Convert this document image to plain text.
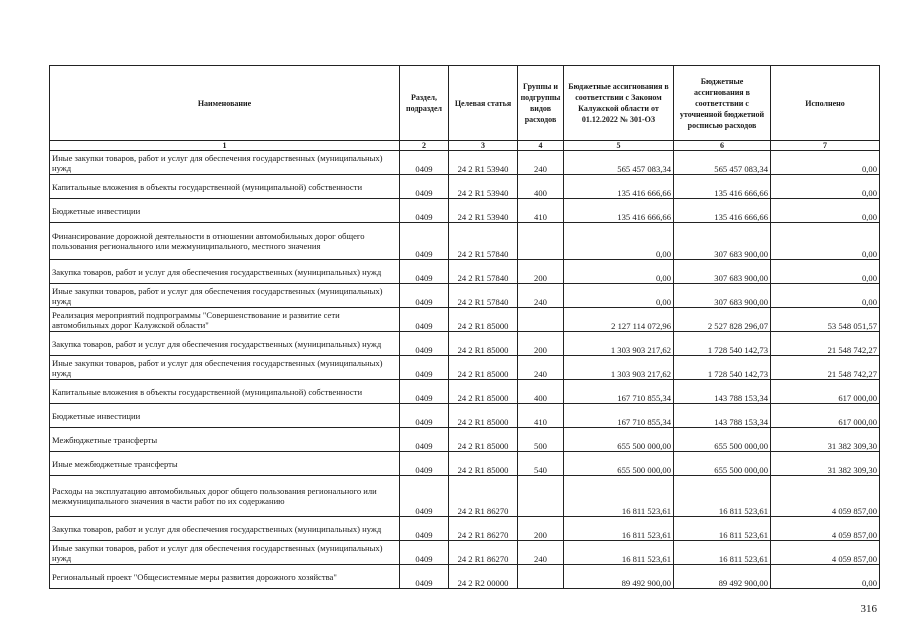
Наименование	Раздел, подраздел	Целевая статья	Группы и подгруппы видов расходов	Бюджетные ассигнования в соответствии с Законом Калужской области от 01.12.2022 № 301-ОЗ	Бюджетные ассигнования в соответствии с уточненной бюджетной росписью расходов	Исполнено
1	2	3	4	5	6	7
Иные закупки товаров, работ и услуг для обеспечения государственных (муниципальных) нужд	0409	24 2 R1 53940	240	565 457 083,34	565 457 083,34	0,00
Капитальные вложения в объекты государственной (муниципальной) собственности	0409	24 2 R1 53940	400	135 416 666,66	135 416 666,66	0,00
Бюджетные инвестиции	0409	24 2 R1 53940	410	135 416 666,66	135 416 666,66	0,00
Финансирование дорожной деятельности в отношении автомобильных дорог общего пользования регионального или межмуниципального, местного значения	0409	24 2 R1 57840		0,00	307 683 900,00	0,00
Закупка товаров, работ и услуг для обеспечения государственных (муниципальных) нужд	0409	24 2 R1 57840	200	0,00	307 683 900,00	0,00
Иные закупки товаров, работ и услуг для обеспечения государственных (муниципальных) нужд	0409	24 2 R1 57840	240	0,00	307 683 900,00	0,00
Реализация мероприятий подпрограммы "Совершенствование и развитие сети автомобильных дорог Калужской области"	0409	24 2 R1 85000		2 127 114 072,96	2 527 828 296,07	53 548 051,57
Закупка товаров, работ и услуг для обеспечения государственных (муниципальных) нужд	0409	24 2 R1 85000	200	1 303 903 217,62	1 728 540 142,73	21 548 742,27
Иные закупки товаров, работ и услуг для обеспечения государственных (муниципальных) нужд	0409	24 2 R1 85000	240	1 303 903 217,62	1 728 540 142,73	21 548 742,27
Капитальные вложения в объекты государственной (муниципальной) собственности	0409	24 2 R1 85000	400	167 710 855,34	143 788 153,34	617 000,00
Бюджетные инвестиции	0409	24 2 R1 85000	410	167 710 855,34	143 788 153,34	617 000,00
Межбюджетные трансферты	0409	24 2 R1 85000	500	655 500 000,00	655 500 000,00	31 382 309,30
Иные межбюджетные трансферты	0409	24 2 R1 85000	540	655 500 000,00	655 500 000,00	31 382 309,30
Расходы на эксплуатацию автомобильных дорог общего пользования регионального или межмуниципального значения в части работ по их содержанию	0409	24 2 R1 86270		16 811 523,61	16 811 523,61	4 059 857,00
Закупка товаров, работ и услуг для обеспечения государственных (муниципальных) нужд	0409	24 2 R1 86270	200	16 811 523,61	16 811 523,61	4 059 857,00
Иные закупки товаров, работ и услуг для обеспечения государственных (муниципальных) нужд	0409	24 2 R1 86270	240	16 811 523,61	16 811 523,61	4 059 857,00
Региональный проект "Общесистемные меры развития дорожного хозяйства"	0409	24 2 R2 00000		89 492 900,00	89 492 900,00	0,00
316
